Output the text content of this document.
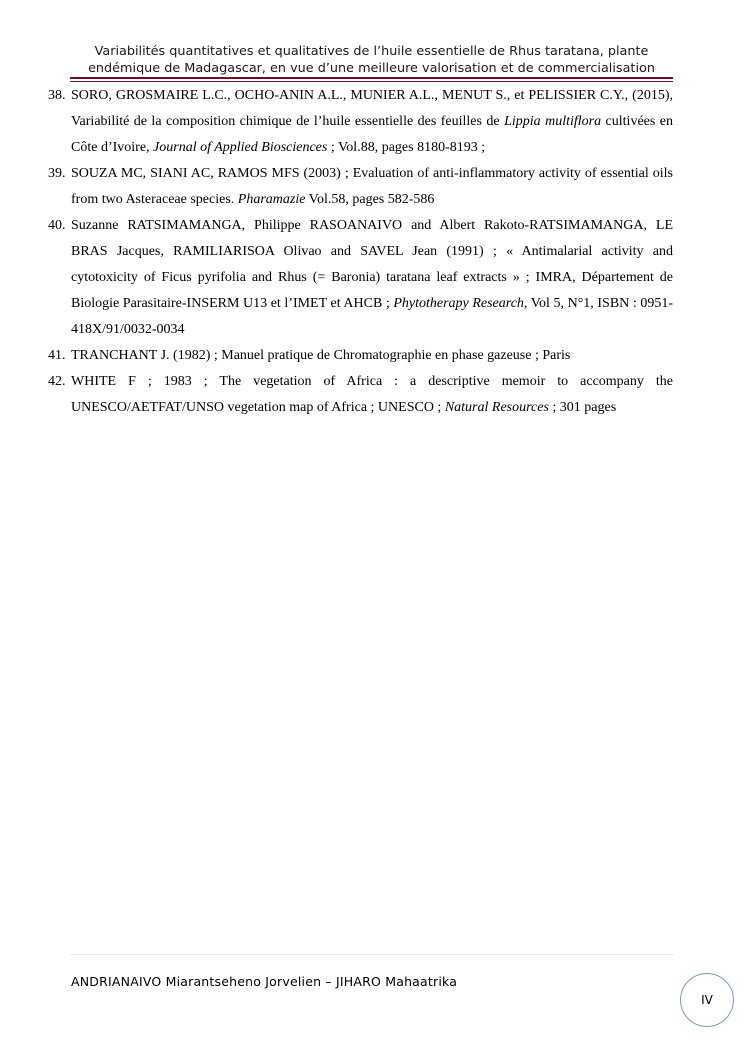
Variabilités quantitatives et qualitatives de l’huile essentielle de Rhus taratana, plante
endémique de Madagascar, en vue d’une meilleure valorisation et de commercialisation
38. SORO, GROSMAIRE L.C., OCHO-ANIN A.L., MUNIER A.L., MENUT S., et PELISSIER C.Y., (2015), Variabilité de la composition chimique de l’huile essentielle des feuilles de Lippia multiflora cultivées en Côte d’Ivoire, Journal of Applied Biosciences ; Vol.88, pages 8180-8193 ;
39. SOUZA MC, SIANI AC, RAMOS MFS (2003) ; Evaluation of anti-inflammatory activity of essential oils from two Asteraceae species. Pharamazie Vol.58, pages 582-586
40. Suzanne RATSIMAMANGA, Philippe RASOANAIVO and Albert Rakoto-RATSIMAMANGA, LE BRAS Jacques, RAMILIARISOA Olivao and SAVEL Jean (1991) ; « Antimalarial activity and cytotoxicity of Ficus pyrifolia and Rhus (= Baronia) taratana leaf extracts » ; IMRA, Département de Biologie Parasitaire-INSERM U13 et l’IMET et AHCB ; Phytotherapy Research, Vol 5, N°1, ISBN : 0951-418X/91/0032-0034
41. TRANCHANT J. (1982) ; Manuel pratique de Chromatographie en phase gazeuse ; Paris
42. WHITE F ; 1983 ; The vegetation of Africa : a descriptive memoir to accompany the UNESCO/AETFAT/UNSO vegetation map of Africa ; UNESCO ; Natural Resources ; 301 pages
ANDRIANAIVO Miarantseheno Jorvelien – JIHARO Mahaatrika
IV
